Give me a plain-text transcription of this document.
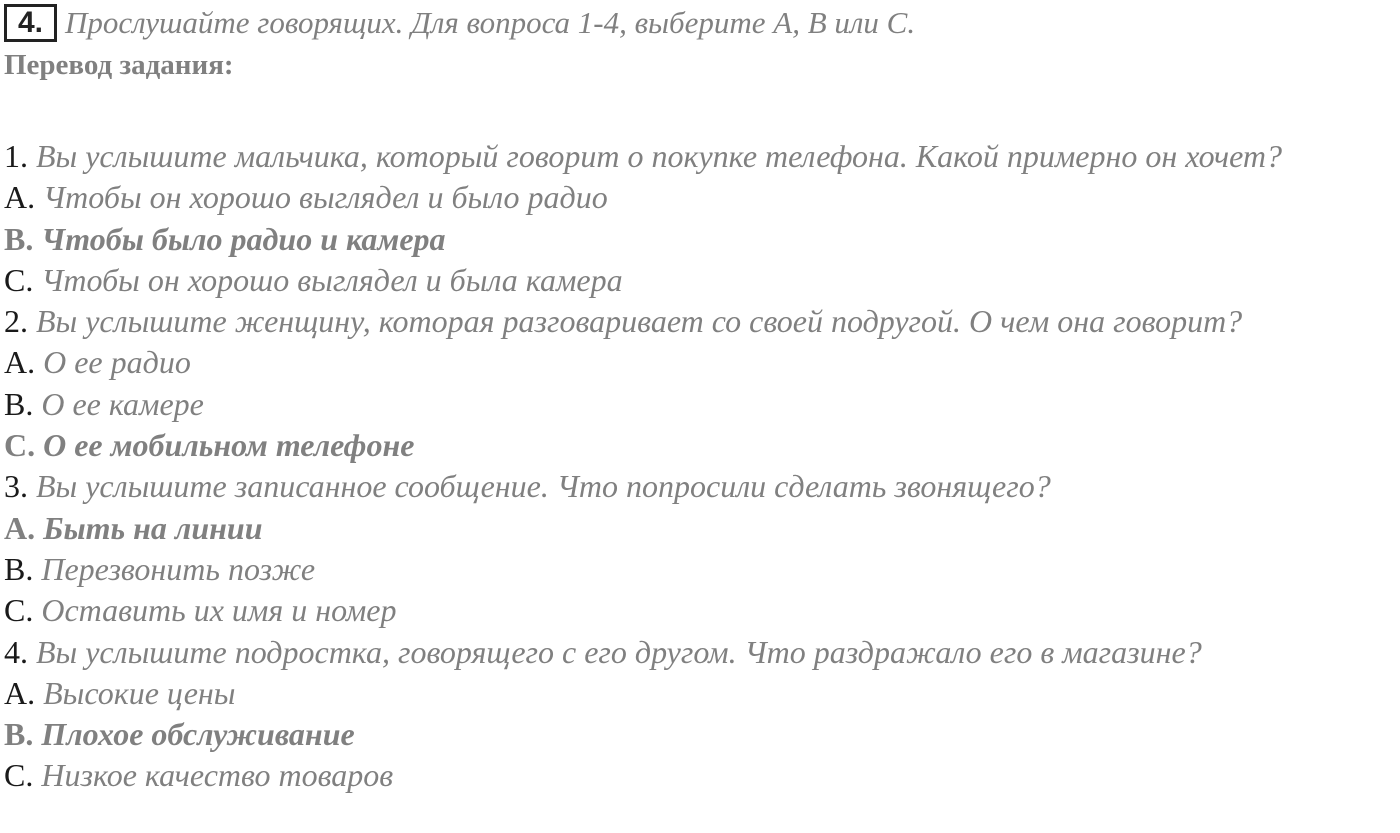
4. Прослушайте говорящих. Для вопроса 1-4, выберите A, B или C.
Перевод задания:
1. Вы услышите мальчика, который говорит о покупке телефона. Какой примерно он хочет?
A. Чтобы он хорошо выглядел и было радио
B. Чтобы было радио и камера
C. Чтобы он хорошо выглядел и была камера
2. Вы услышите женщину, которая разговаривает со своей подругой. О чем она говорит?
A. О ее радио
B. О ее камере
C. О ее мобильном телефоне
3. Вы услышите записанное сообщение. Что попросили сделать звонящего?
A. Быть на линии
B. Перезвонить позже
C. Оставить их имя и номер
4. Вы услышите подростка, говорящего с его другом. Что раздражало его в магазине?
A. Высокие цены
B. Плохое обслуживание
C. Низкое качество товаров
